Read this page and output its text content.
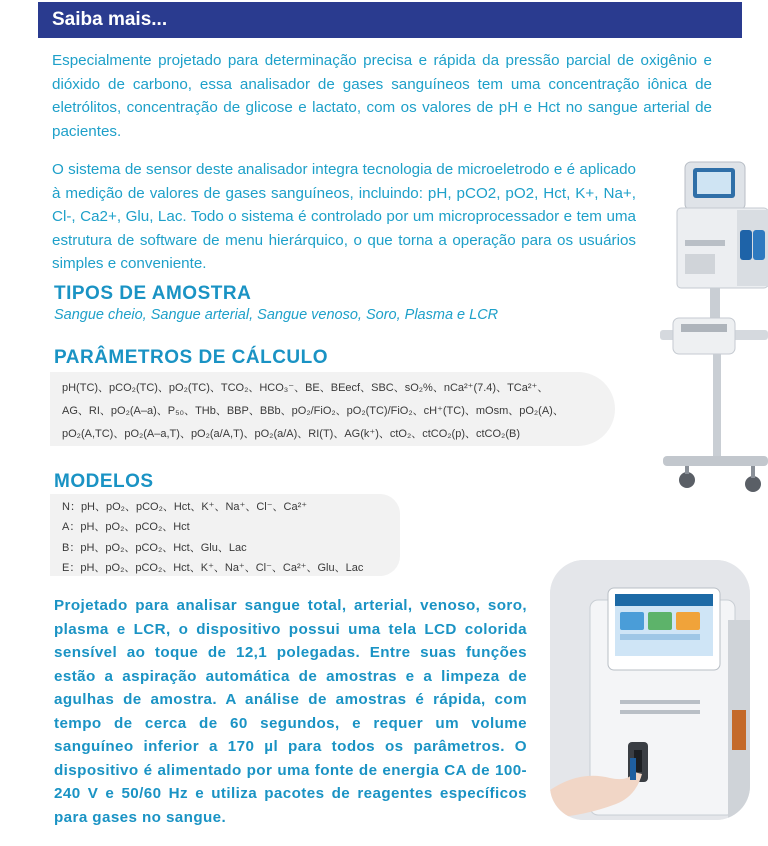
Saiba mais...

Especialmente projetado para determinação precisa e rápida da pressão parcial de oxigênio e dióxido de carbono, essa analisador de gases sanguíneos tem uma concentração iônica de eletrólitos, concentração de glicose e lactato, com os valores de pH e Hct no sangue arterial de pacientes.

O sistema de sensor deste analisador integra tecnologia de microeletrodo e é aplicado à medição de valores de gases sanguíneos, incluindo: pH, pCO2, pO2, Hct, K+, Na+, Cl-, Ca2+, Glu, Lac. Todo o sistema é controlado por um microprocessador e tem uma estrutura de software de menu hierárquico, o que torna a operação para os usuários simples e conveniente.

TIPOS DE AMOSTRA
Sangue cheio, Sangue arterial, Sangue venoso, Soro, Plasma e LCR
PARÂMETROS DE CÁLCULO

pH(TC)、pCO₂(TC)、pO₂(TC)、TCO₂、HCO₃⁻、BE、BEecf、SBC、sO₂%、nCa²⁺(7.4)、TCa²⁺、

AG、RI、pO₂(A–a)、P₅₀、THb、BBP、BBb、pO₂/FiO₂、pO₂(TC)/FiO₂、cH⁺(TC)、mOsm、pO₂(A)、

pO₂(A,TC)、pO₂(A–a,T)、pO₂(a/A,T)、pO₂(a/A)、RI(T)、AG(k⁺)、ctO₂、ctCO₂(p)、ctCO₂(B)

MODELOS

N：pH、pO₂、pCO₂、Hct、K⁺、Na⁺、Cl⁻、Ca²⁺

A：pH、pO₂、pCO₂、Hct

B：pH、pO₂、pCO₂、Hct、Glu、Lac

E：pH、pO₂、pCO₂、Hct、K⁺、Na⁺、Cl⁻、Ca²⁺、Glu、Lac

Projetado para analisar sangue total, arterial, venoso, soro, plasma e LCR, o dispositivo possui uma tela LCD colorida sensível ao toque de 12,1 polegadas. Entre suas funções estão a aspiração automática de amostras e a limpeza de agulhas de amostra. A análise de amostras é rápida, com tempo de cerca de 60 segundos, e requer um volume sanguíneo inferior a 170 µl para todos os parâmetros. O dispositivo é alimentado por uma fonte de energia CA de 100-240 V e 50/60 Hz e utiliza pacotes de reagentes específicos para gases no sangue.
